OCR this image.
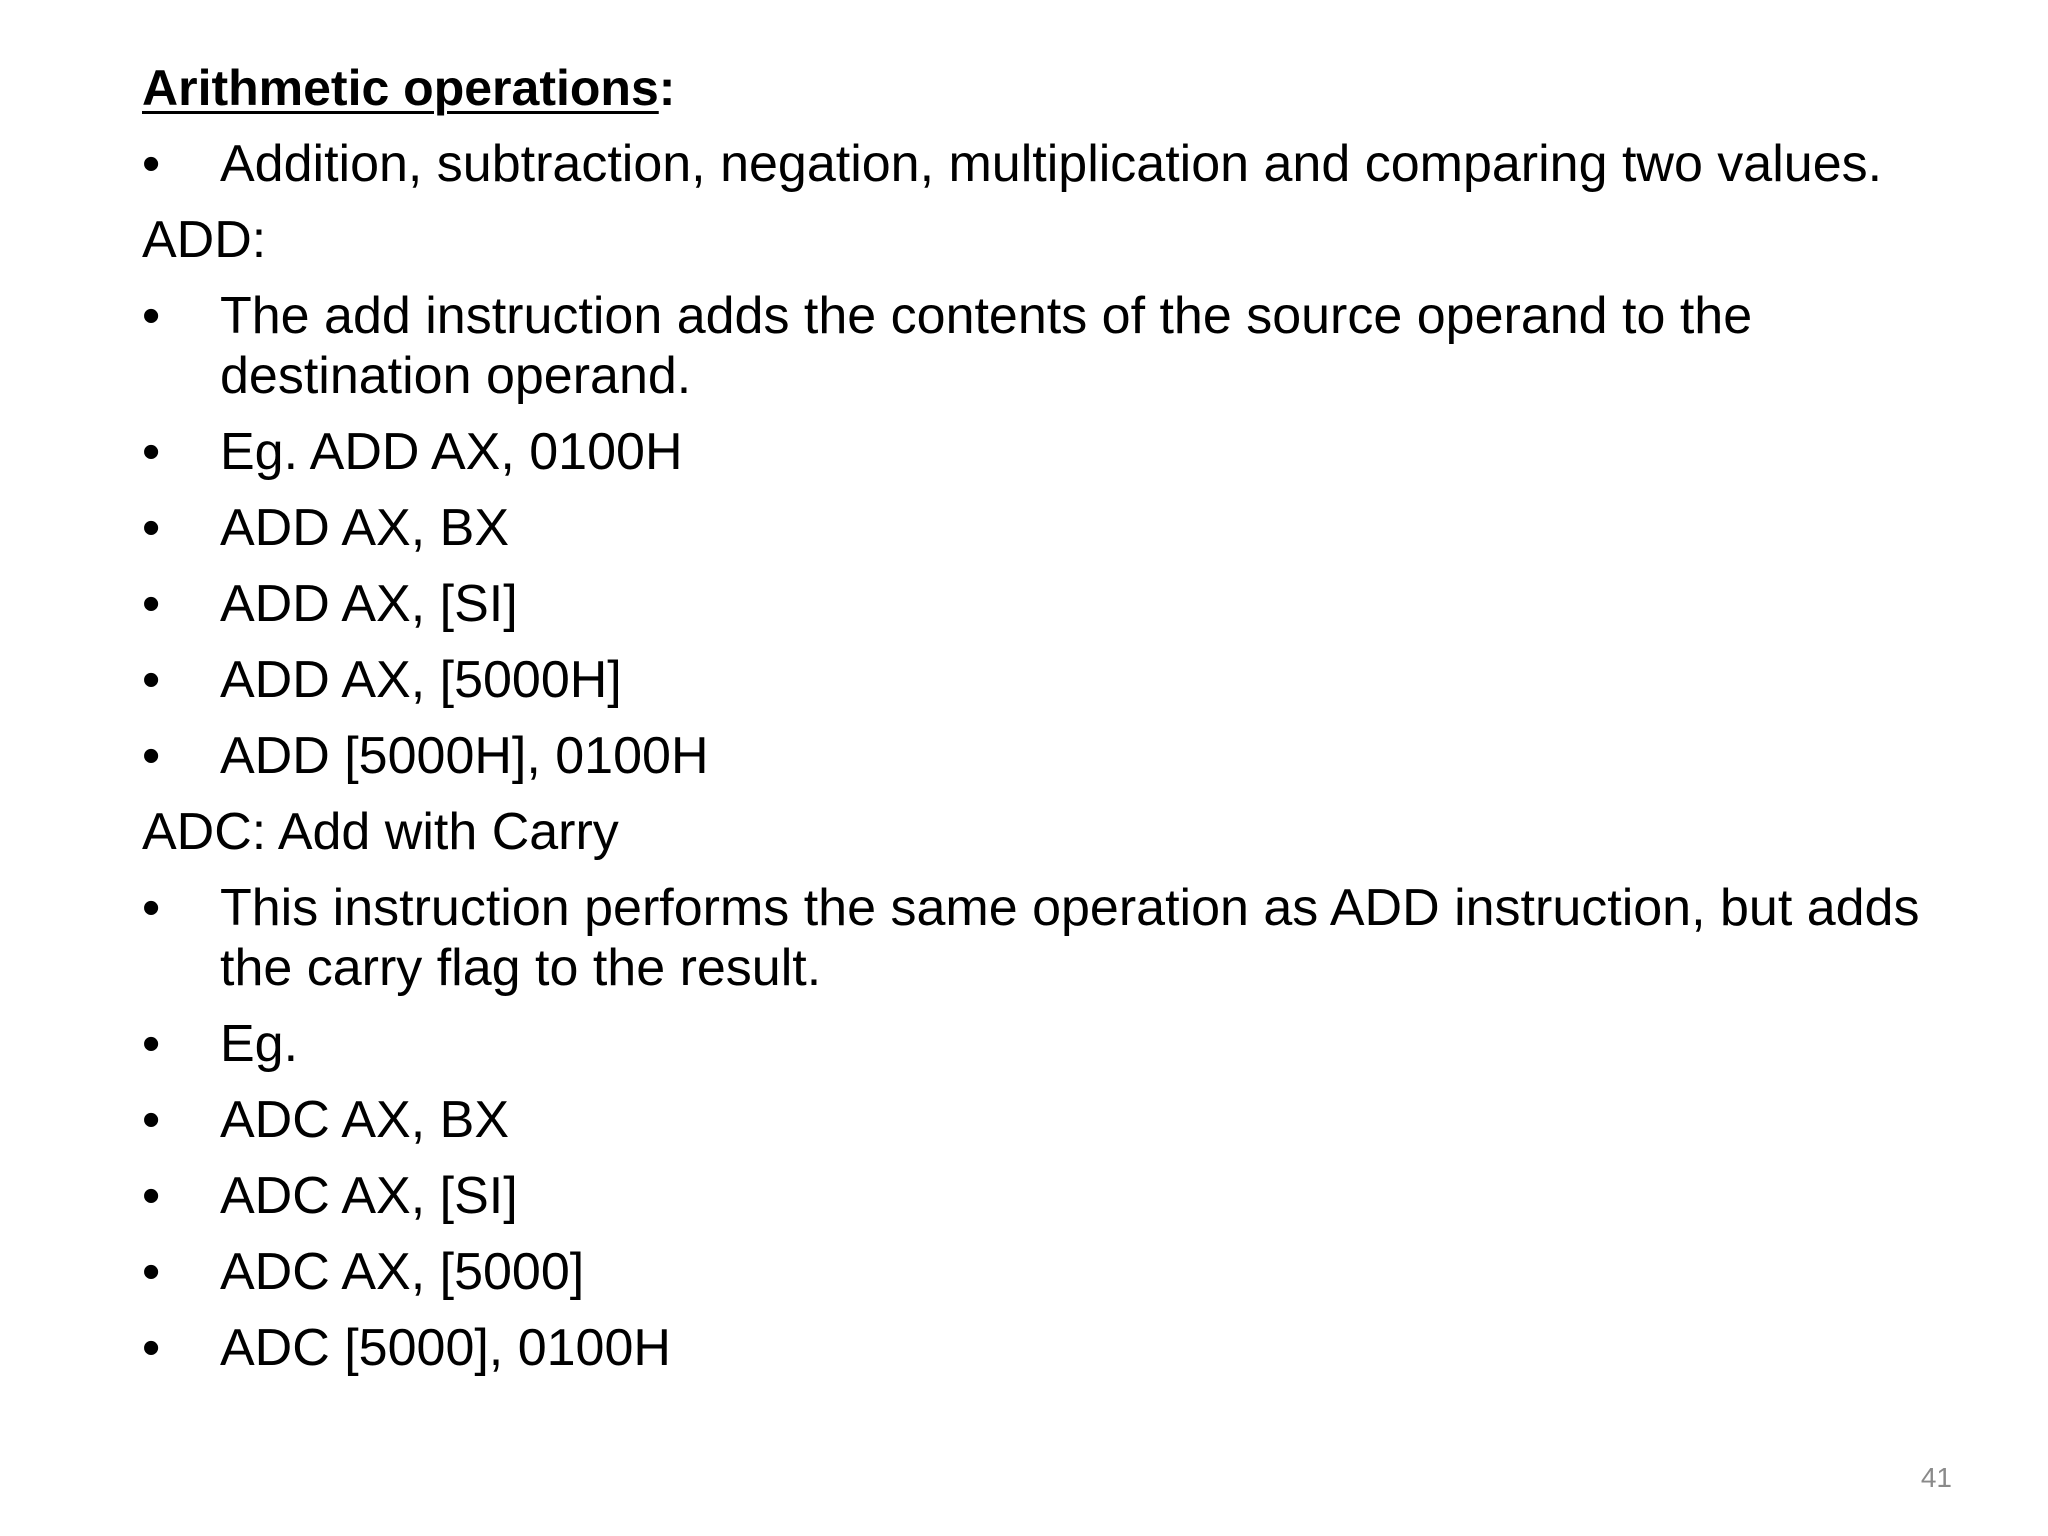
Arithmetic operations:
•	Addition, subtraction, negation, multiplication and comparing two values.
ADD:
•	The add instruction adds the contents of the source operand to the destination operand.
•	Eg. ADD AX, 0100H
•	ADD AX, BX
•	ADD AX, [SI]
•	ADD AX, [5000H]
•	ADD [5000H], 0100H
ADC: Add with Carry
•	This instruction performs the same operation as ADD instruction, but adds the carry flag to the result.
•	Eg.
•	ADC AX, BX
•	ADC AX, [SI]
•	ADC AX, [5000]
•	ADC [5000], 0100H
41
